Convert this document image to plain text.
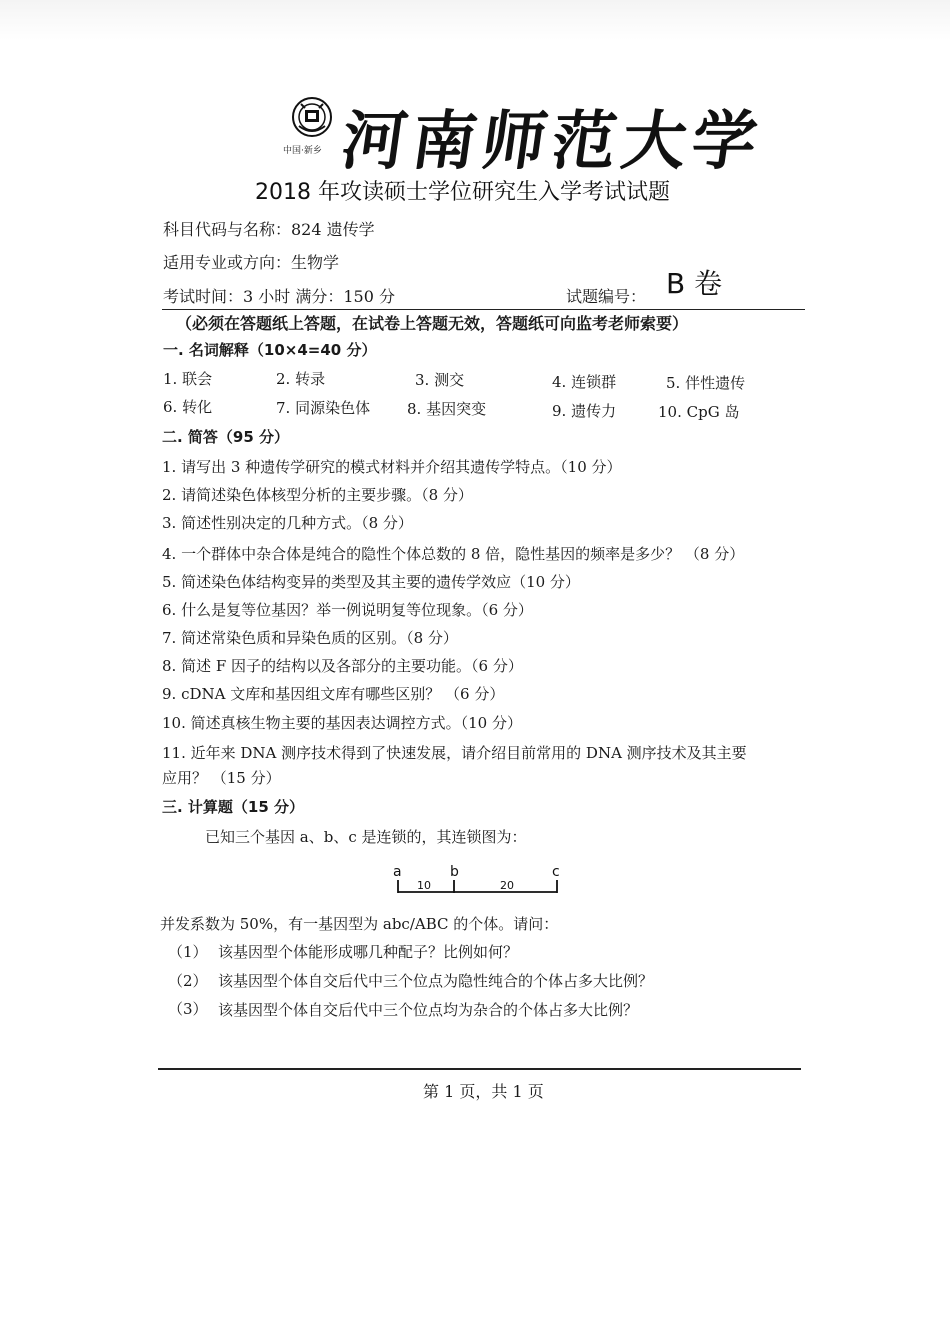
中国·新乡 河南师范大学
2018 年攻读硕士学位研究生入学考试试题
科目代码与名称：824 遗传学
适用专业或方向：生物学
考试时间：3 小时 满分：150 分	试题编号： B 卷
（必须在答题纸上答题，在试卷上答题无效，答题纸可向监考老师索要）
一. 名词解释（10×4=40 分）
1. 联会	2. 转录	3. 测交	4. 连锁群	5. 伴性遗传
6. 转化	7. 同源染色体 8. 基因突变	9. 遗传力	10. CpG 岛
二. 简答（95 分）
1. 请写出 3 种遗传学研究的模式材料并介绍其遗传学特点。（10 分）
2. 请简述染色体核型分析的主要步骤。（8 分）
3. 简述性别决定的几种方式。（8 分）
4. 一个群体中杂合体是纯合的隐性个体总数的 8 倍，隐性基因的频率是多少？ （8 分）
5. 简述染色体结构变异的类型及其主要的遗传学效应（10 分）
6. 什么是复等位基因？举一例说明复等位现象。（6 分）
7. 简述常染色质和异染色质的区别。（8 分）
8. 简述 F 因子的结构以及各部分的主要功能。（6 分）
9. cDNA 文库和基因组文库有哪些区别？ （6 分）
10. 简述真核生物主要的基因表达调控方式。（10 分）
11. 近年来 DNA 测序技术得到了快速发展，请介绍目前常用的 DNA 测序技术及其主要
应用？ （15 分）
三. 计算题（15 分）
已知三个基因 a、b、c 是连锁的，其连锁图为：
a	b	c
10	20
并发系数为 50%，有一基因型为 abc/ABC 的个体。请问：
（1） 该基因型个体能形成哪几种配子？比例如何？
（2） 该基因型个体自交后代中三个位点为隐性纯合的个体占多大比例？
（3） 该基因型个体自交后代中三个位点均为杂合的个体占多大比例？
第 1 页，共 1 页
